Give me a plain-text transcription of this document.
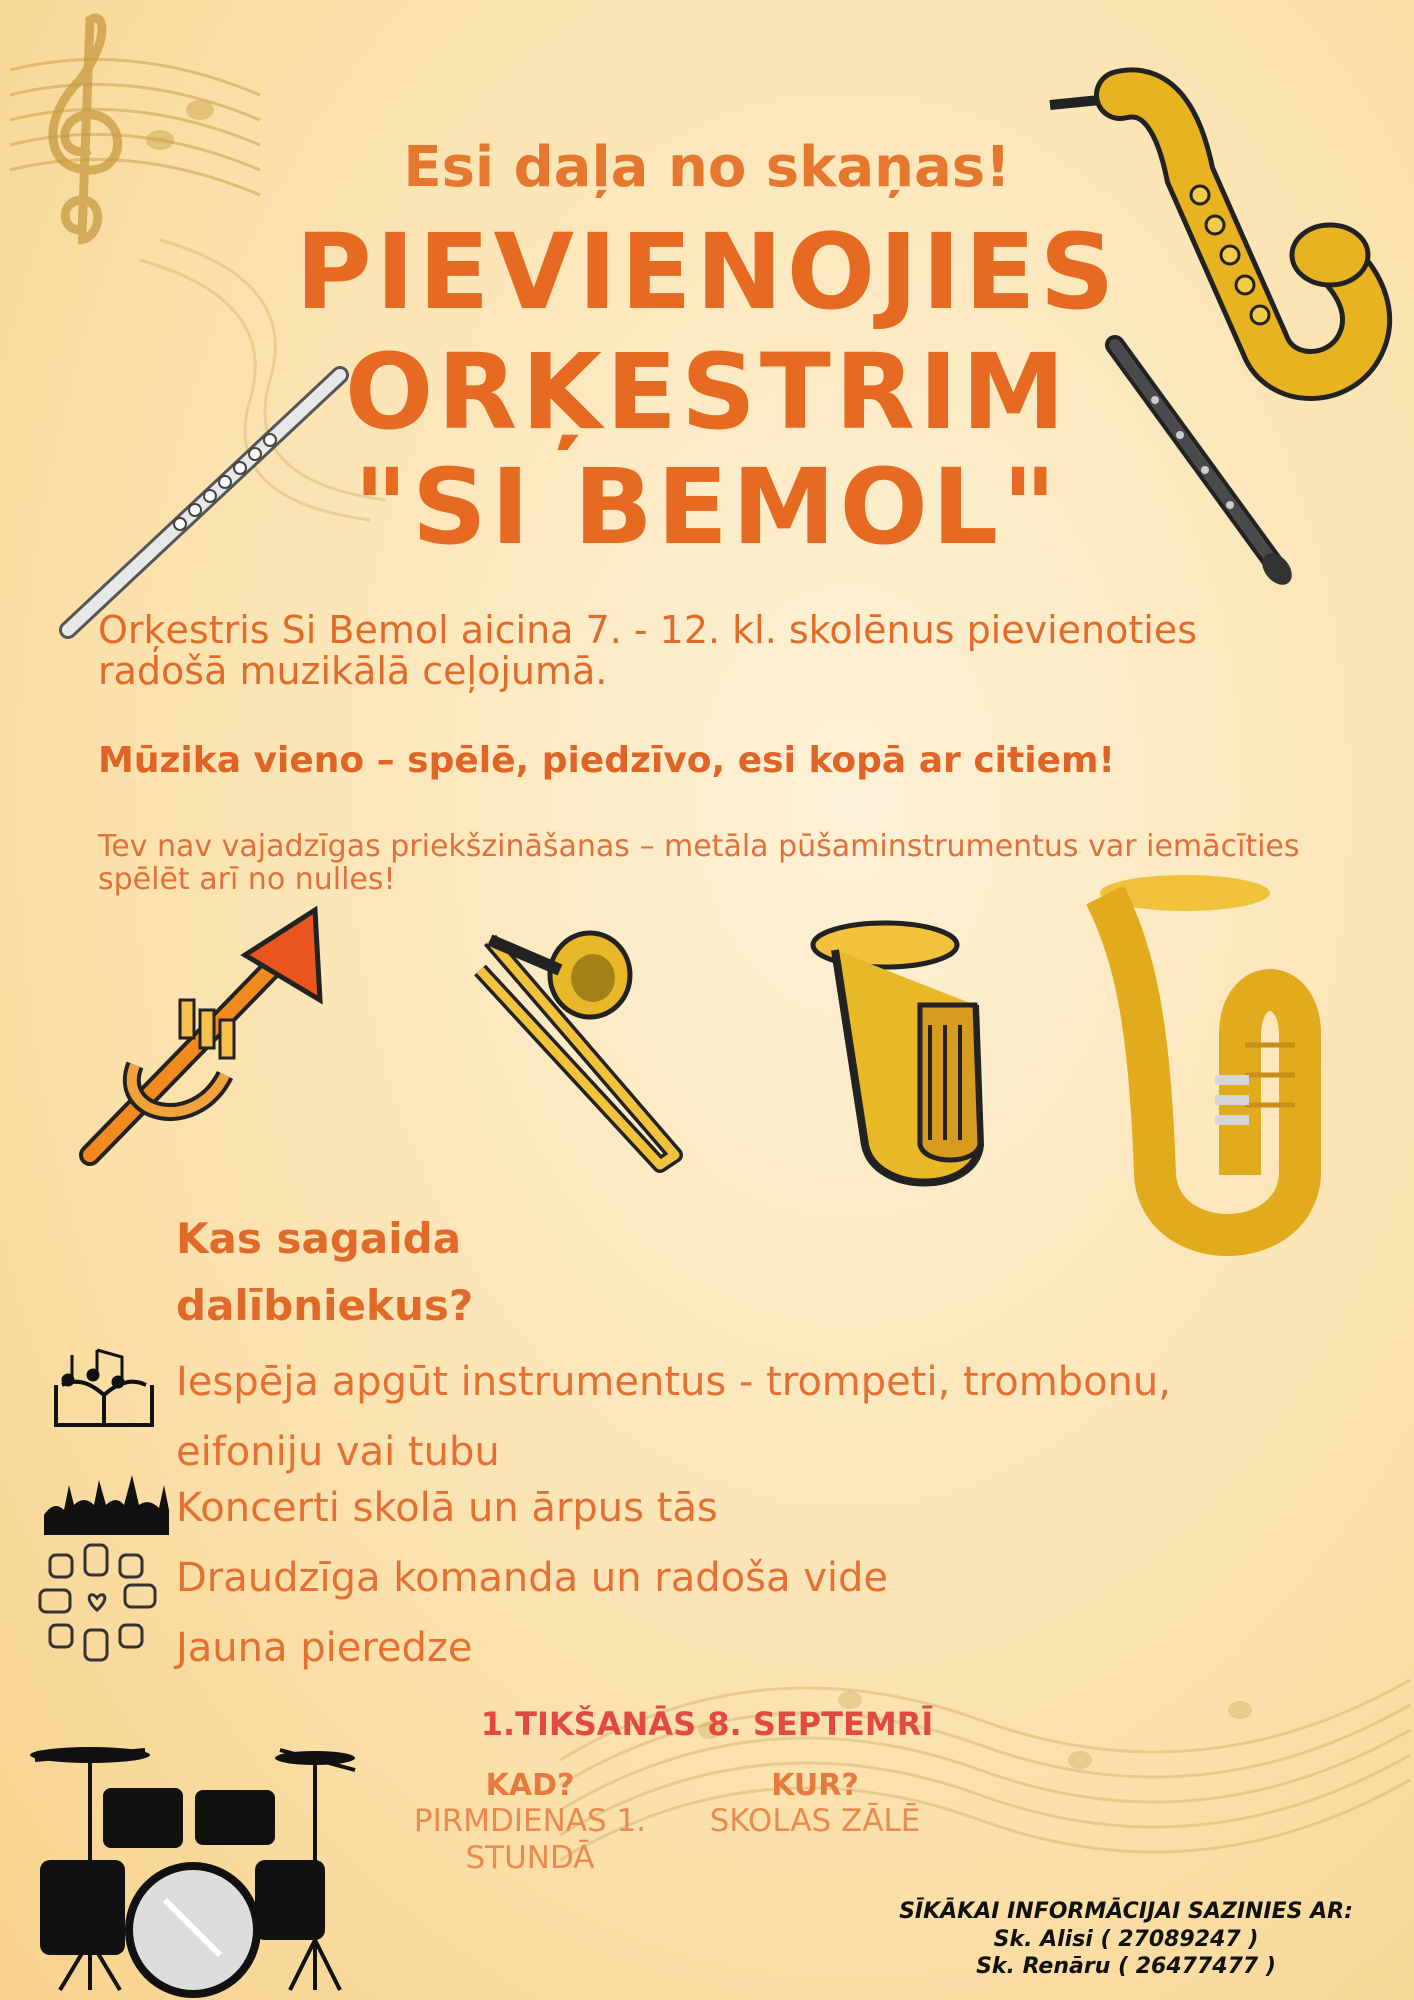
Esi daļa no skaņas!
PIEVIENOJIES
ORĶESTRIM
"SI BEMOL"
Orķestris Si Bemol aicina 7. - 12. kl. skolēnus pievienoties radošā muzikālā ceļojumā.
Mūzika vieno – spēlē, piedzīvo, esi kopā ar citiem!
Tev nav vajadzīgas priekšzināšanas – metāla pūšaminstrumentus var iemācīties spēlēt arī no nulles!
Kas sagaida
dalībniekus?
Iespēja apgūt instrumentus - trompeti, trombonu,
eifoniju vai tubu
Koncerti skolā un ārpus tās
Draudzīga komanda un radoša vide
Jauna pieredze
1.TIKŠANĀS 8. SEPTEMRĪ
KAD?
PIRMDIENAS 1.
STUNDĀ
KUR?
SKOLAS ZĀLĒ
SĪKĀKAI INFORMĀCIJAI SAZINIES AR:
Sk. Alisi ( 27089247 )
Sk. Renāru ( 26477477 )
